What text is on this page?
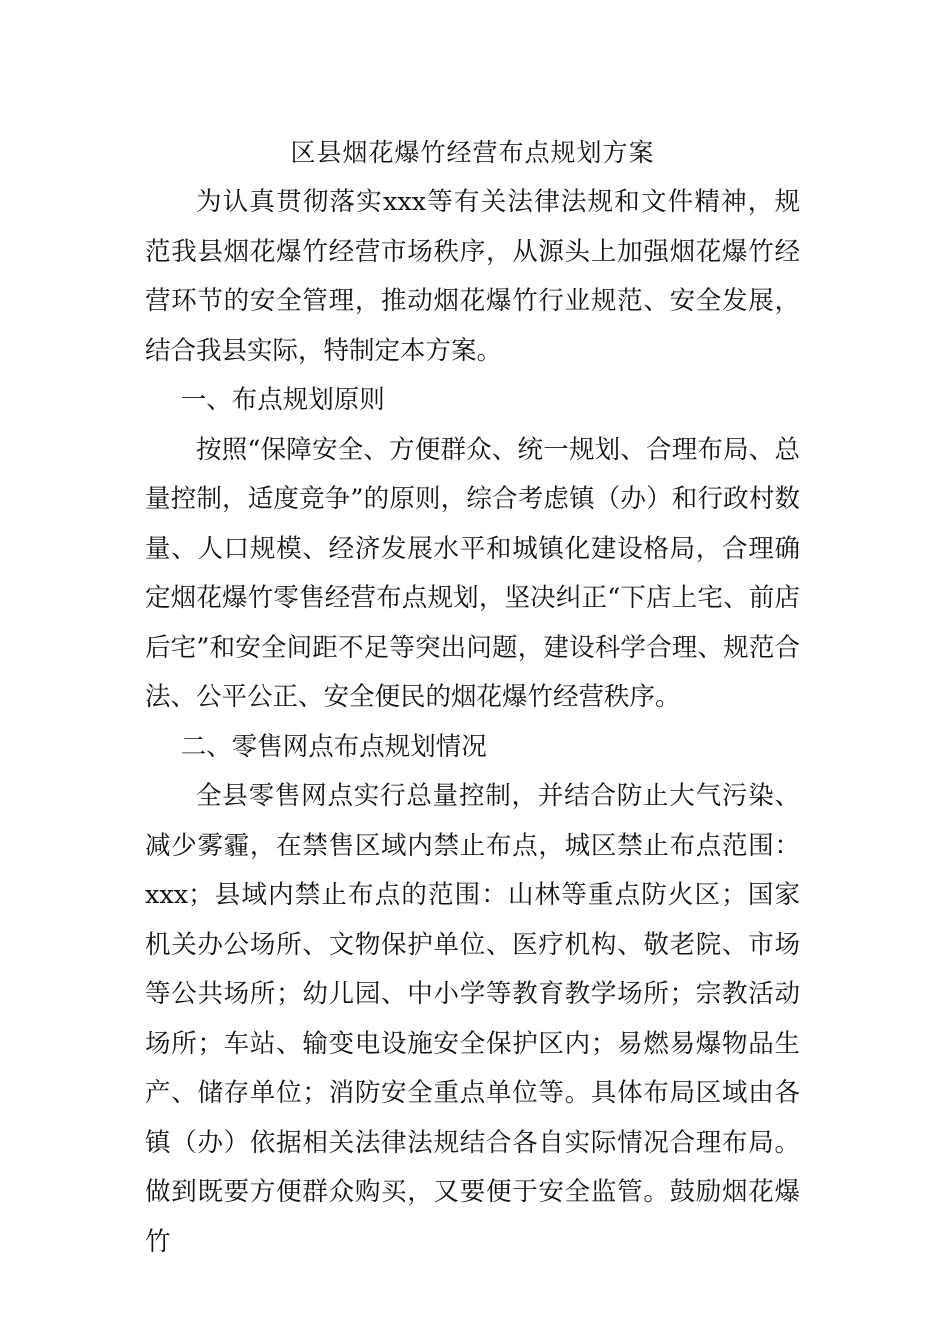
区县烟花爆竹经营布点规划方案

为认真贯彻落实xxx等有关法律法规和文件精神，规范我县烟花爆竹经营市场秩序，从源头上加强烟花爆竹经营环节的安全管理，推动烟花爆竹行业规范、安全发展，结合我县实际，特制定本方案。

一、布点规划原则

按照“保障安全、方便群众、统一规划、合理布局、总量控制，适度竞争”的原则，综合考虑镇（办）和行政村数量、人口规模、经济发展水平和城镇化建设格局，合理确定烟花爆竹零售经营布点规划，坚决纠正“下店上宅、前店后宅”和安全间距不足等突出问题，建设科学合理、规范合法、公平公正、安全便民的烟花爆竹经营秩序。

二、零售网点布点规划情况

全县零售网点实行总量控制，并结合防止大气污染、减少雾霾，在禁售区域内禁止布点，城区禁止布点范围：xxx；县域内禁止布点的范围：山林等重点防火区；国家机关办公场所、文物保护单位、医疗机构、敬老院、市场等公共场所；幼儿园、中小学等教育教学场所；宗教活动场所；车站、输变电设施安全保护区内；易燃易爆物品生产、储存单位；消防安全重点单位等。具体布局区域由各镇（办）依据相关法律法规结合各自实际情况合理布局。做到既要方便群众购买，又要便于安全监管。鼓励烟花爆竹
